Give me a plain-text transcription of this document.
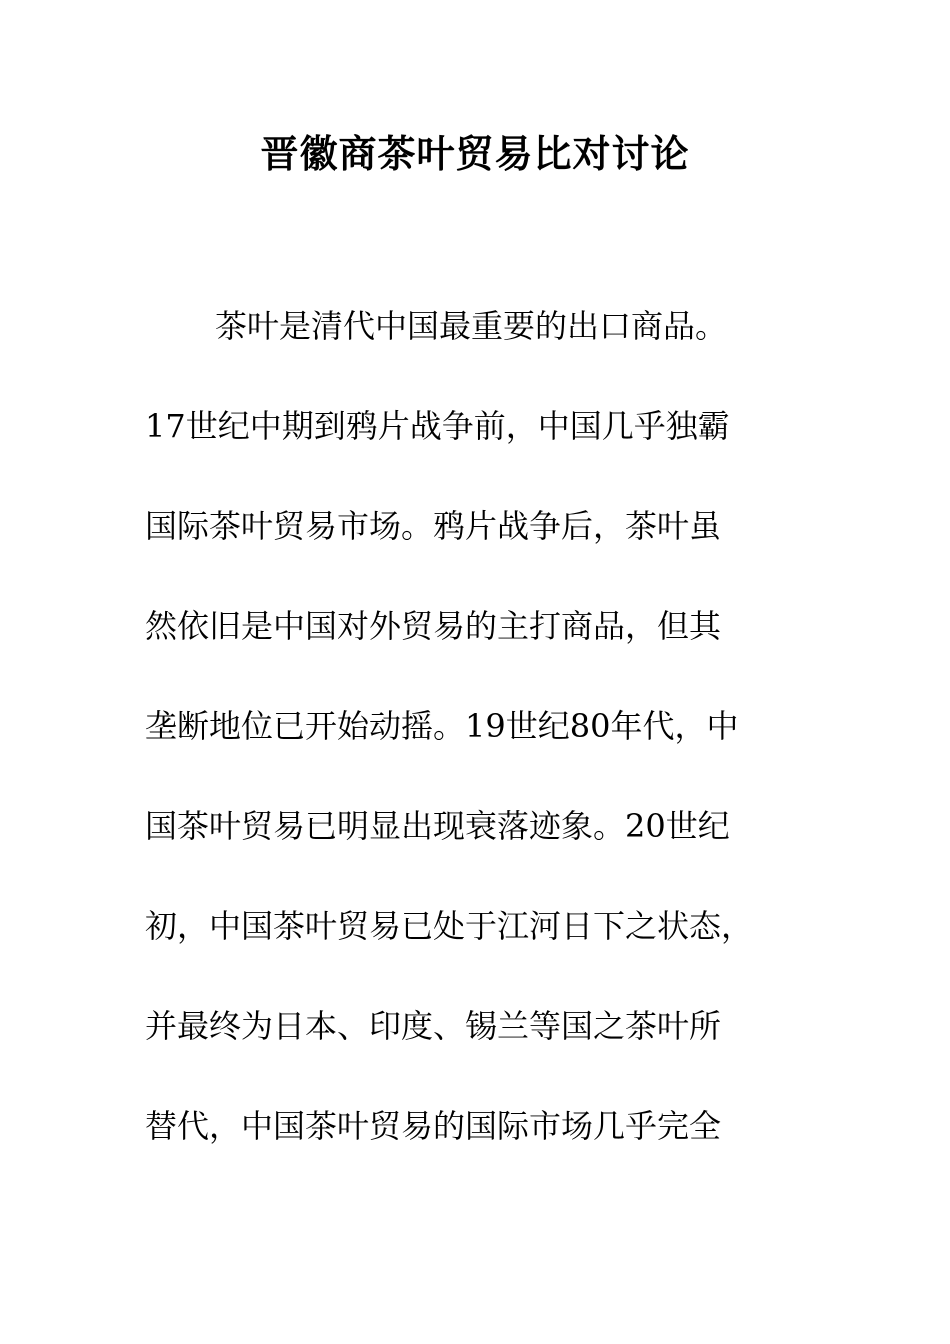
晋徽商茶叶贸易比对讨论
茶叶是清代中国最重要的出口商品。
17世纪中期到鸦片战争前，中国几乎独霸
国际茶叶贸易市场。鸦片战争后，茶叶虽
然依旧是中国对外贸易的主打商品，但其
垄断地位已开始动摇。19世纪80年代，中
国茶叶贸易已明显出现衰落迹象。20世纪
初，中国茶叶贸易已处于江河日下之状态，
并最终为日本、印度、锡兰等国之茶叶所
替代，中国茶叶贸易的国际市场几乎完全
